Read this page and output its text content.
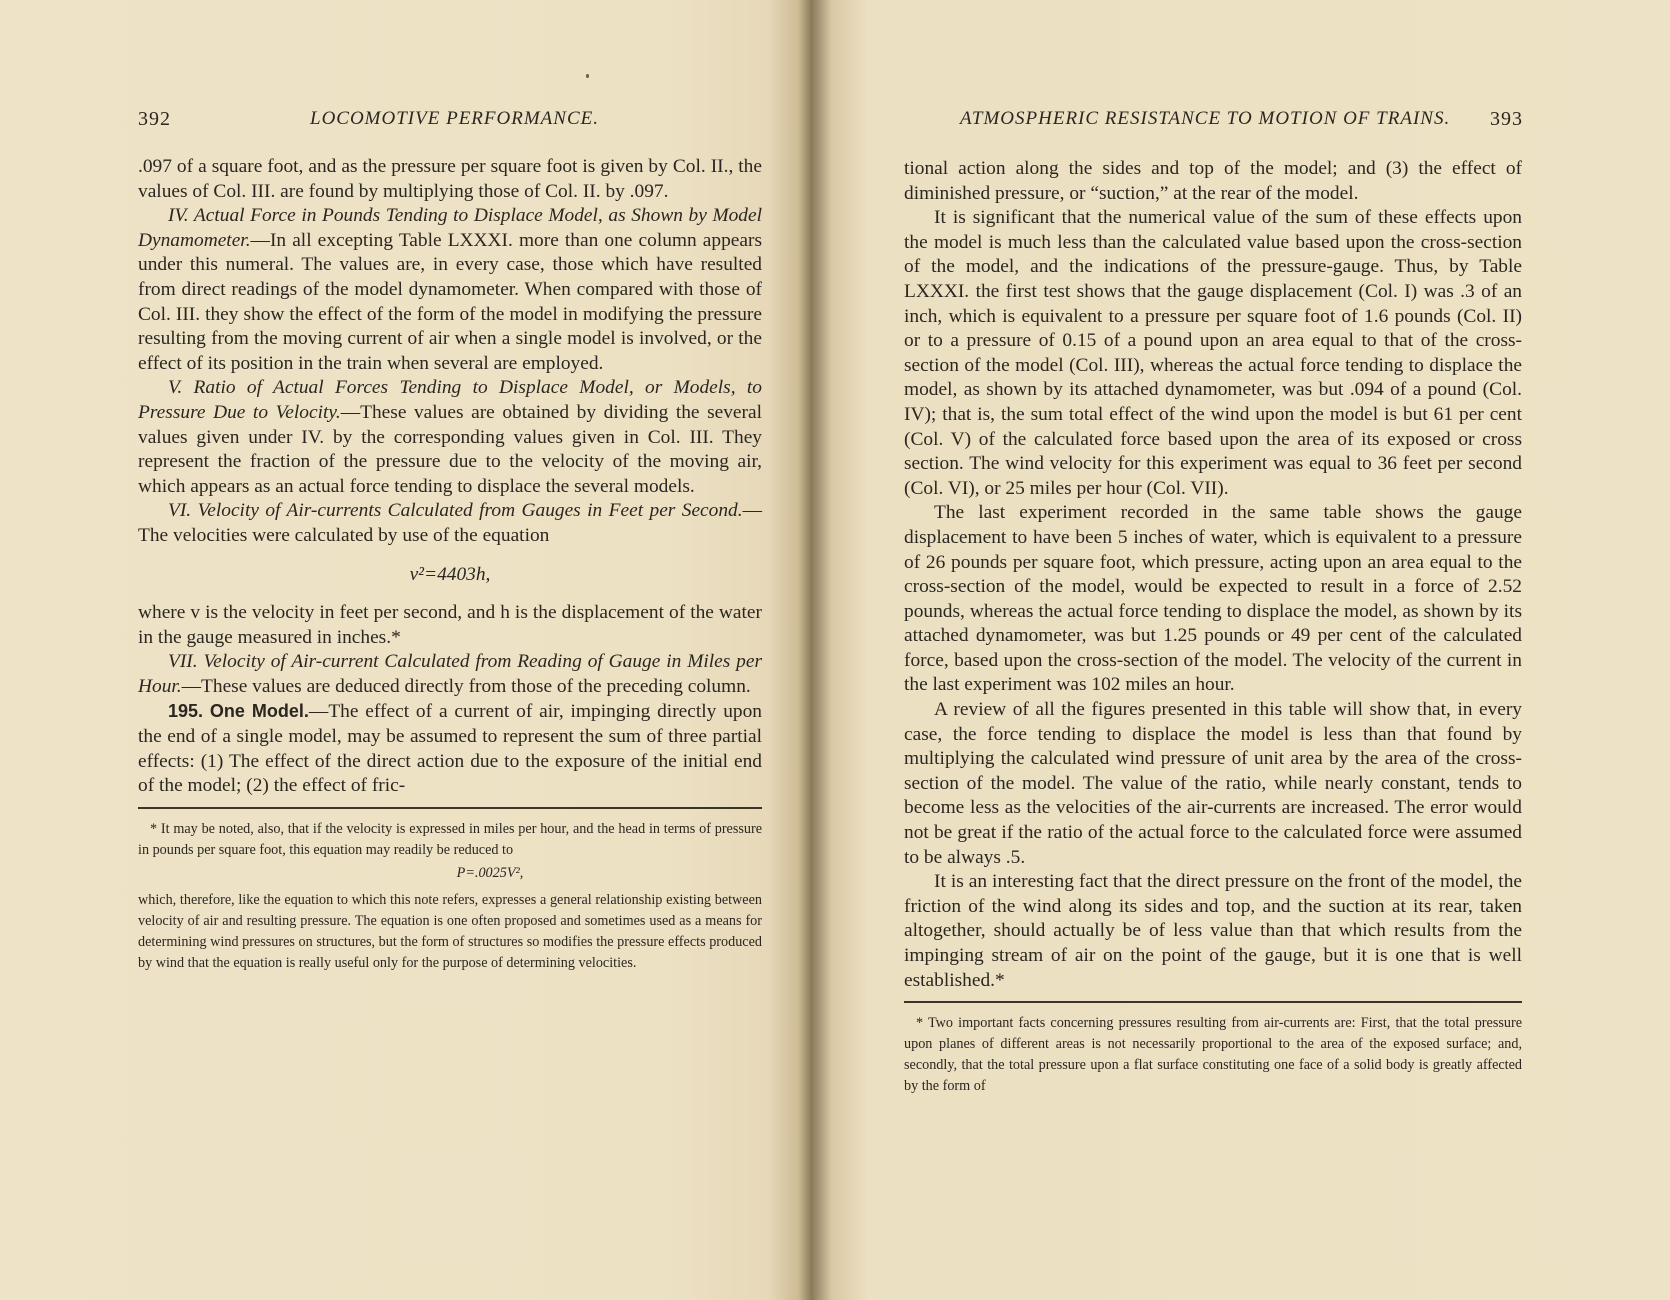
392	LOCOMOTIVE PERFORMANCE.

.097 of a square foot, and as the pressure per square foot is given by Col. II., the values of Col. III. are found by multiplying those of Col. II. by .097.

IV. Actual Force in Pounds Tending to Displace Model, as Shown by Model Dynamometer.—In all excepting Table LXXXI. more than one column appears under this numeral. The values are, in every case, those which have resulted from direct readings of the model dynamometer. When compared with those of Col. III. they show the effect of the form of the model in modifying the pressure resulting from the moving current of air when a single model is involved, or the effect of its position in the train when several are employed.

V. Ratio of Actual Forces Tending to Displace Model, or Models, to Pressure Due to Velocity.—These values are obtained by dividing the several values given under IV. by the corresponding values given in Col. III. They represent the fraction of the pressure due to the velocity of the moving air, which appears as an actual force tending to displace the several models.

VI. Velocity of Air-currents Calculated from Gauges in Feet per Second.—The velocities were calculated by use of the equation

v²=4403h,

where v is the velocity in feet per second, and h is the displacement of the water in the gauge measured in inches.*

VII. Velocity of Air-current Calculated from Reading of Gauge in Miles per Hour.—These values are deduced directly from those of the preceding column.

195. One Model.—The effect of a current of air, impinging directly upon the end of a single model, may be assumed to represent the sum of three partial effects: (1) The effect of the direct action due to the exposure of the initial end of the model; (2) the effect of fric-

* It may be noted, also, that if the velocity is expressed in miles per hour, and the head in terms of pressure in pounds per square foot, this equation may readily be reduced to

P=.0025V²,

which, therefore, like the equation to which this note refers, expresses a general relationship existing between velocity of air and resulting pressure. The equation is one often proposed and sometimes used as a means for determining wind pressures on structures, but the form of structures so modifies the pressure effects produced by wind that the equation is really useful only for the purpose of determining velocities.

ATMOSPHERIC RESISTANCE TO MOTION OF TRAINS. 393

tional action along the sides and top of the model; and (3) the effect of diminished pressure, or “suction,” at the rear of the model.

It is significant that the numerical value of the sum of these effects upon the model is much less than the calculated value based upon the cross-section of the model, and the indications of the pressure-gauge. Thus, by Table LXXXI. the first test shows that the gauge displacement (Col. I) was .3 of an inch, which is equivalent to a pressure per square foot of 1.6 pounds (Col. II) or to a pressure of 0.15 of a pound upon an area equal to that of the cross-section of the model (Col. III), whereas the actual force tending to displace the model, as shown by its attached dynamometer, was but .094 of a pound (Col. IV); that is, the sum total effect of the wind upon the model is but 61 per cent (Col. V) of the calculated force based upon the area of its exposed or cross section. The wind velocity for this experiment was equal to 36 feet per second (Col. VI), or 25 miles per hour (Col. VII).

The last experiment recorded in the same table shows the gauge displacement to have been 5 inches of water, which is equivalent to a pressure of 26 pounds per square foot, which pressure, acting upon an area equal to the cross-section of the model, would be expected to result in a force of 2.52 pounds, whereas the actual force tending to displace the model, as shown by its attached dynamometer, was but 1.25 pounds or 49 per cent of the calculated force, based upon the cross-section of the model. The velocity of the current in the last experiment was 102 miles an hour.

A review of all the figures presented in this table will show that, in every case, the force tending to displace the model is less than that found by multiplying the calculated wind pressure of unit area by the area of the cross-section of the model. The value of the ratio, while nearly constant, tends to become less as the velocities of the air-currents are increased. The error would not be great if the ratio of the actual force to the calculated force were assumed to be always .5.

It is an interesting fact that the direct pressure on the front of the model, the friction of the wind along its sides and top, and the suction at its rear, taken altogether, should actually be of less value than that which results from the impinging stream of air on the point of the gauge, but it is one that is well established.*

* Two important facts concerning pressures resulting from air-currents are: First, that the total pressure upon planes of different areas is not necessarily proportional to the area of the exposed surface; and, secondly, that the total pressure upon a flat surface constituting one face of a solid body is greatly affected by the form of
